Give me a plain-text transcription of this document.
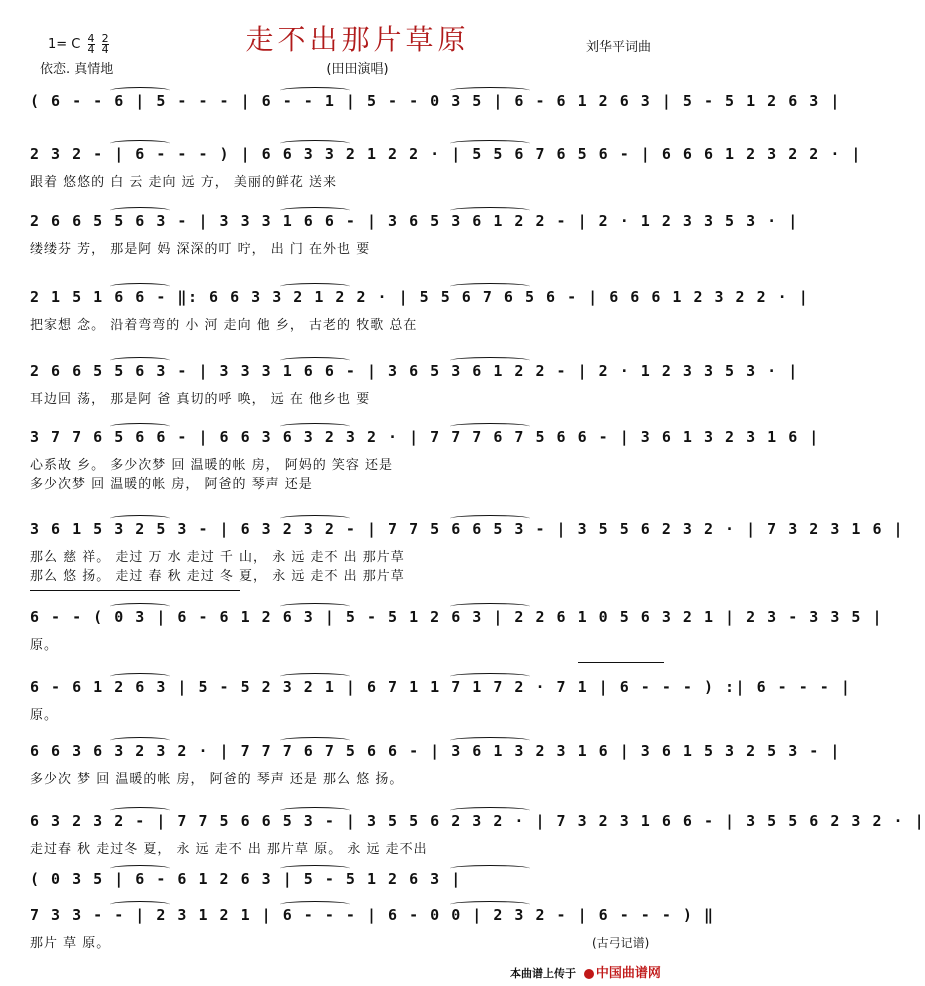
走不出那片草原
(田田演唱)
1= C $\frac{4}{4}$
$\frac{2}{4}$
依恋. 真情地
刘华平词曲
( 6 - - 6 | 5 - - - | 6 - - 1 | 5 - - 0 3 5 | 6 - 6 1 2 6 3 | 5 - 5 1 2 6 3 |
2 3 2 - | 6 - - - ) | 6 6 3 3 2 1 2 2 · | 5 5 6 7 6 5 6 - | 6 6 6 1 2 3 2 2 · |
跟着 悠悠的 白 云 走向 远 方， 美丽的鲜花 送来
2 6 6 5 5 6 3 - | 3 3 3 1 6 6 - | 3 6 5 3 6 1 2 2 - | 2 · 1 2 3 3 5 3 · |
缕缕芬 芳， 那是阿 妈 深深的叮 咛， 出 门 在外也 要
2 1 5 1 6 6 - ‖: 6 6 3 3 2 1 2 2 · | 5 5 6 7 6 5 6 - | 6 6 6 1 2 3 2 2 · |
把家想 念。 沿着弯弯的 小 河 走向 他 乡， 古老的 牧歌 总在
2 6 6 5 5 6 3 - | 3 3 3 1 6 6 - | 3 6 5 3 6 1 2 2 - | 2 · 1 2 3 3 5 3 · |
耳边回 荡， 那是阿 爸 真切的呼 唤， 远 在 他乡也 要
3 7 7 6 5 6 6 - | 6 6 3 6 3 2 3 2 · | 7 7 7 6 7 5 6 6 - | 3 6 1 3 2 3 1 6 |
心系故 乡。 多少次梦 回 温暖的帐 房， 阿妈的 笑容 还是
多少次梦 回 温暖的帐 房， 阿爸的 琴声 还是
3 6 1 5 3 2 5 3 - | 6 3 2 3 2 - | 7 7 5 6 6 5 3 - | 3 5 5 6 2 3 2 · | 7 3 2 3 1 6 |
那么 慈 祥。 走过 万 水 走过 千 山， 永 远 走不 出 那片草
那么 悠 扬。 走过 春 秋 走过 冬 夏， 永 远 走不 出 那片草
6 - - ( 0 3 | 6 - 6 1 2 6 3 | 5 - 5 1 2 6 3 | 2 2 6 1 0 5 6 3 2 1 | 2 3 - 3 3 5 |
原。
6 - 6 1 2 6 3 | 5 - 5 2 3 2 1 | 6 7 1 1 7 1 7 2 · 7 1 | 6 - - - ) :| 6 - - - |
原。
6 6 3 6 3 2 3 2 · | 7 7 7 6 7 5 6 6 - | 3 6 1 3 2 3 1 6 | 3 6 1 5 3 2 5 3 - |
多少次 梦 回 温暖的帐 房， 阿爸的 琴声 还是 那么 悠 扬。
6 3 2 3 2 - | 7 7 5 6 6 5 3 - | 3 5 5 6 2 3 2 · | 7 3 2 3 1 6 6 - | 3 5 5 6 2 3 2 · |
走过春 秋 走过冬 夏， 永 远 走不 出 那片草 原。 永 远 走不出
( 0 3 5 | 6 - 6 1 2 6 3 | 5 - 5 1 2 6 3 |
7 3 3 - - | 2 3 1 2 1 | 6 - - - | 6 - 0 0 | 2 3 2 - | 6 - - - ) ‖
那片 草 原。	(古弓记谱)
本曲谱上传于 中国曲谱网
